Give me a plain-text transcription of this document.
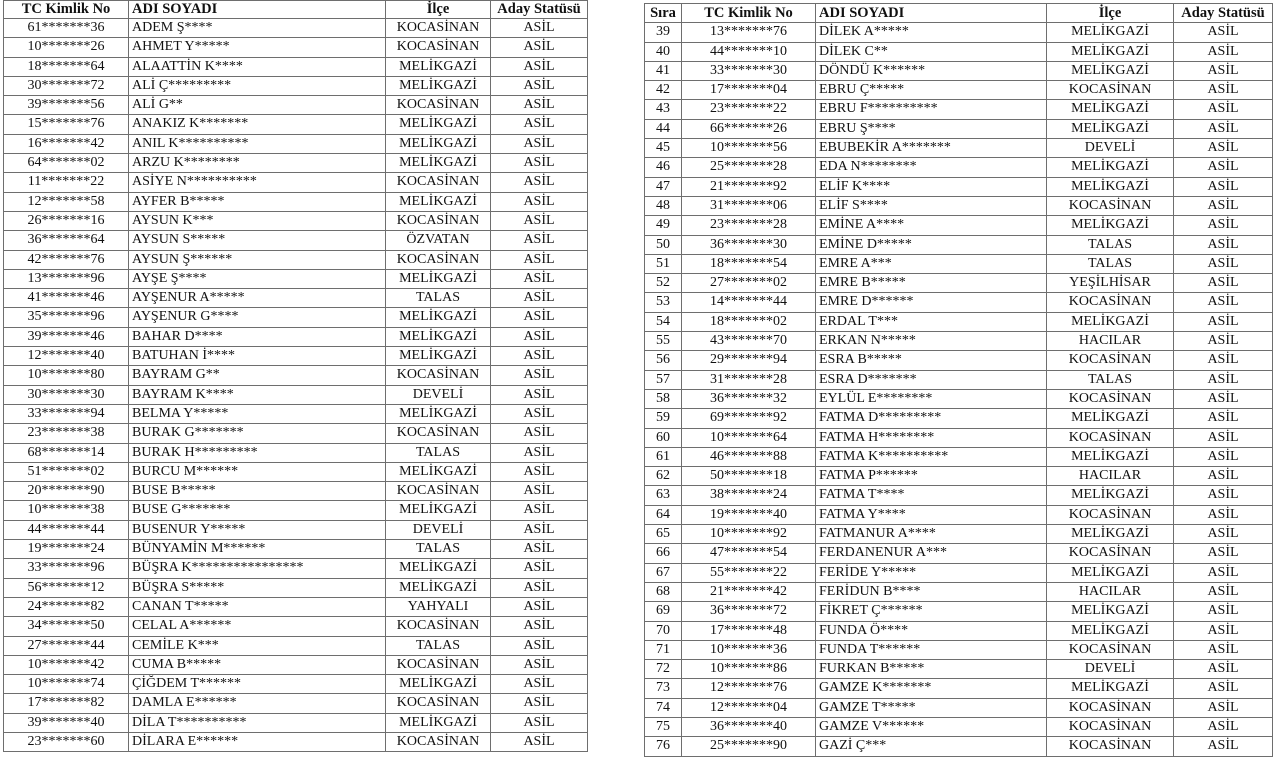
TC Kimlik No	ADI SOYADI	İlçe	Aday Statüsü
61*******36	ADEM Ş****	KOCASİNAN	ASİL
10*******26	AHMET Y*****	KOCASİNAN	ASİL
18*******64	ALAATTİN K****	MELİKGAZİ	ASİL
30*******72	ALİ Ç*********	MELİKGAZİ	ASİL
39*******56	ALİ G**	KOCASİNAN	ASİL
15*******76	ANAKIZ K*******	MELİKGAZİ	ASİL
16*******42	ANIL K**********	MELİKGAZİ	ASİL
64*******02	ARZU K********	MELİKGAZİ	ASİL
11*******22	ASİYE N**********	KOCASİNAN	ASİL
12*******58	AYFER B*****	MELİKGAZİ	ASİL
26*******16	AYSUN K***	KOCASİNAN	ASİL
36*******64	AYSUN S*****	ÖZVATAN	ASİL
42*******76	AYSUN Ş******	KOCASİNAN	ASİL
13*******96	AYŞE Ş****	MELİKGAZİ	ASİL
41*******46	AYŞENUR A*****	TALAS	ASİL
35*******96	AYŞENUR G****	MELİKGAZİ	ASİL
39*******46	BAHAR D****	MELİKGAZİ	ASİL
12*******40	BATUHAN İ****	MELİKGAZİ	ASİL
10*******80	BAYRAM G**	KOCASİNAN	ASİL
30*******30	BAYRAM K****	DEVELİ	ASİL
33*******94	BELMA Y*****	MELİKGAZİ	ASİL
23*******38	BURAK G*******	KOCASİNAN	ASİL
68*******14	BURAK H*********	TALAS	ASİL
51*******02	BURCU M******	MELİKGAZİ	ASİL
20*******90	BUSE B*****	KOCASİNAN	ASİL
10*******38	BUSE G*******	MELİKGAZİ	ASİL
44*******44	BUSENUR Y*****	DEVELİ	ASİL
19*******24	BÜNYAMİN M******	TALAS	ASİL
33*******96	BÜŞRA K****************	MELİKGAZİ	ASİL
56*******12	BÜŞRA S*****	MELİKGAZİ	ASİL
24*******82	CANAN T*****	YAHYALI	ASİL
34*******50	CELAL A******	KOCASİNAN	ASİL
27*******44	CEMİLE K***	TALAS	ASİL
10*******42	CUMA B*****	KOCASİNAN	ASİL
10*******74	ÇİĞDEM T******	MELİKGAZİ	ASİL
17*******82	DAMLA E******	KOCASİNAN	ASİL
39*******40	DİLA T**********	MELİKGAZİ	ASİL
23*******60	DİLARA E******	KOCASİNAN	ASİL
Sıra	TC Kimlik No	ADI SOYADI	İlçe	Aday Statüsü
39	13*******76	DİLEK A*****	MELİKGAZİ	ASİL
40	44*******10	DİLEK C**	MELİKGAZİ	ASİL
41	33*******30	DÖNDÜ K******	MELİKGAZİ	ASİL
42	17*******04	EBRU Ç*****	KOCASİNAN	ASİL
43	23*******22	EBRU F**********	MELİKGAZİ	ASİL
44	66*******26	EBRU Ş****	MELİKGAZİ	ASİL
45	10*******56	EBUBEKİR A*******	DEVELİ	ASİL
46	25*******28	EDA N********	MELİKGAZİ	ASİL
47	21*******92	ELİF K****	MELİKGAZİ	ASİL
48	31*******06	ELİF S****	KOCASİNAN	ASİL
49	23*******28	EMİNE A****	MELİKGAZİ	ASİL
50	36*******30	EMİNE D*****	TALAS	ASİL
51	18*******54	EMRE A***	TALAS	ASİL
52	27*******02	EMRE B*****	YEŞİLHİSAR	ASİL
53	14*******44	EMRE D******	KOCASİNAN	ASİL
54	18*******02	ERDAL T***	MELİKGAZİ	ASİL
55	43*******70	ERKAN N*****	HACILAR	ASİL
56	29*******94	ESRA B*****	KOCASİNAN	ASİL
57	31*******28	ESRA D*******	TALAS	ASİL
58	36*******32	EYLÜL E********	KOCASİNAN	ASİL
59	69*******92	FATMA D*********	MELİKGAZİ	ASİL
60	10*******64	FATMA H********	KOCASİNAN	ASİL
61	46*******88	FATMA K**********	MELİKGAZİ	ASİL
62	50*******18	FATMA P******	HACILAR	ASİL
63	38*******24	FATMA T****	MELİKGAZİ	ASİL
64	19*******40	FATMA Y****	KOCASİNAN	ASİL
65	10*******92	FATMANUR A****	MELİKGAZİ	ASİL
66	47*******54	FERDANENUR A***	KOCASİNAN	ASİL
67	55*******22	FERİDE Y*****	MELİKGAZİ	ASİL
68	21*******42	FERİDUN B****	HACILAR	ASİL
69	36*******72	FİKRET Ç******	MELİKGAZİ	ASİL
70	17*******48	FUNDA Ö****	MELİKGAZİ	ASİL
71	10*******36	FUNDA T******	KOCASİNAN	ASİL
72	10*******86	FURKAN B*****	DEVELİ	ASİL
73	12*******76	GAMZE K*******	MELİKGAZİ	ASİL
74	12*******04	GAMZE T*****	KOCASİNAN	ASİL
75	36*******40	GAMZE V******	KOCASİNAN	ASİL
76	25*******90	GAZİ Ç***	KOCASİNAN	ASİL
